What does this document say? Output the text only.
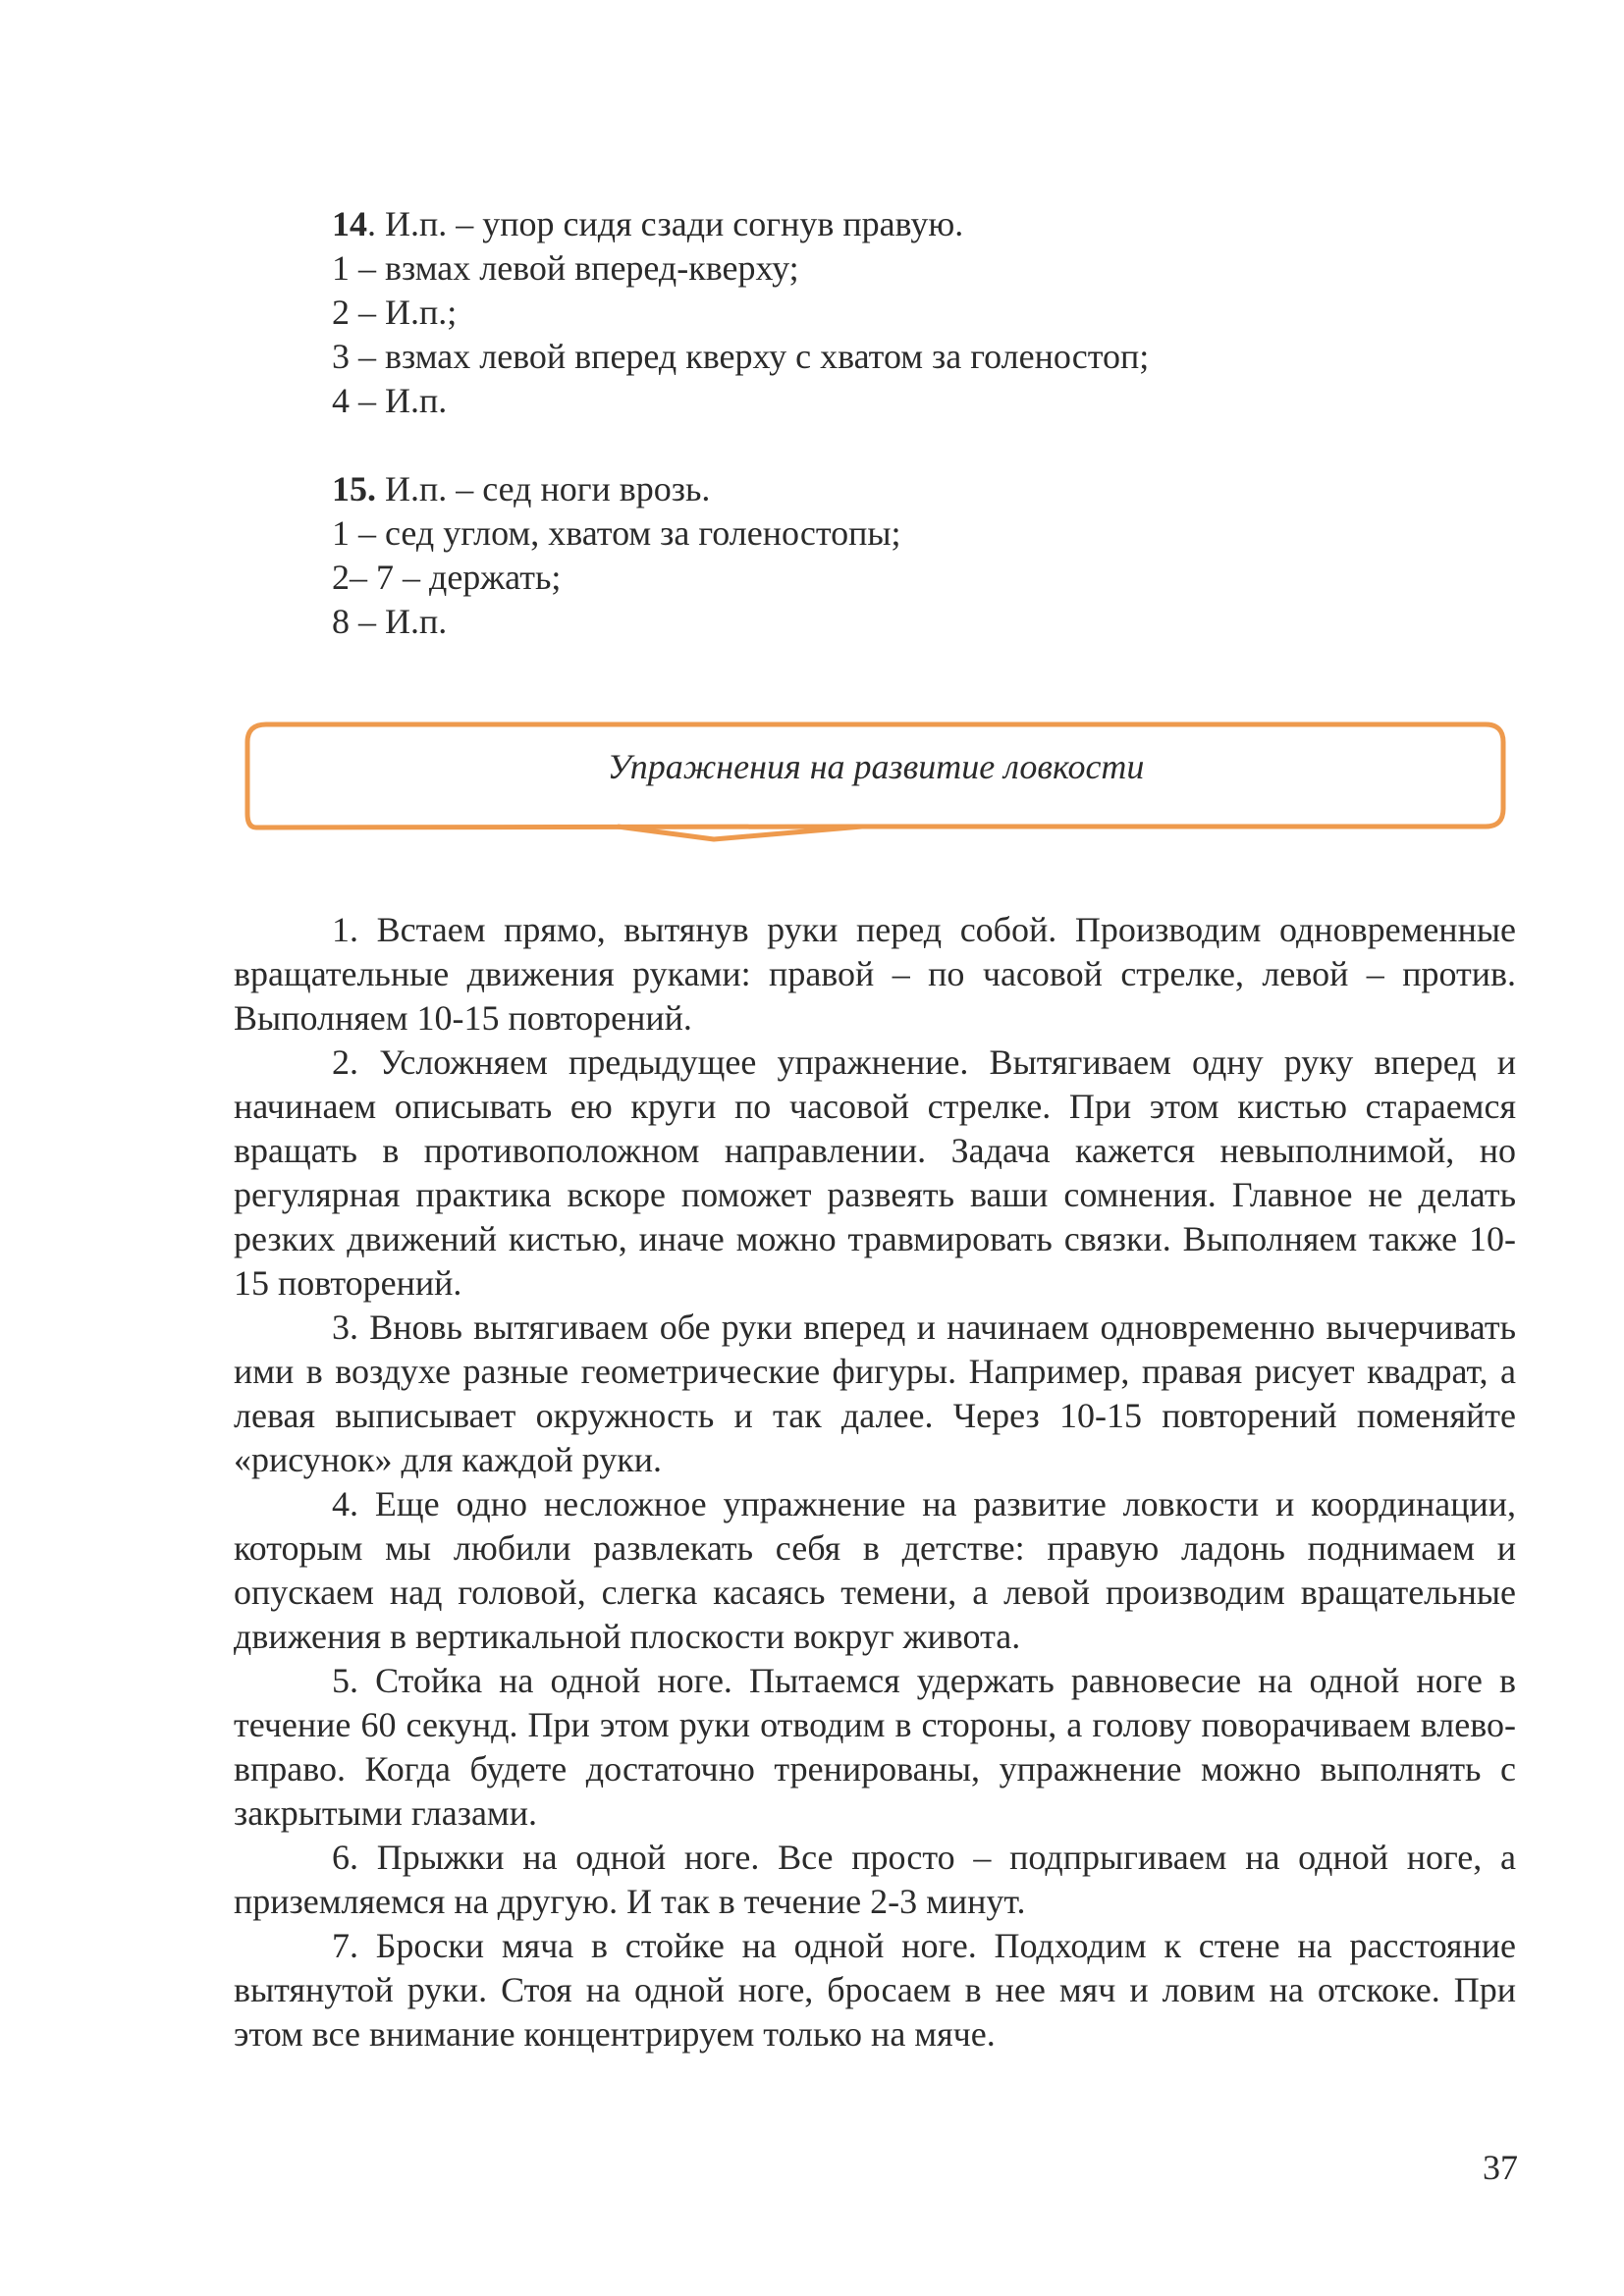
14. И.п. – упор сидя сзади согнув правую.
1 – взмах левой вперед-кверху;
2 – И.п.;
3 – взмах левой вперед кверху с хватом за голеностоп;
4 – И.п.
15. И.п. – сед ноги врозь.
1 – сед углом, хватом за голеностопы;
2– 7 – держать;
8 – И.п.
Упражнения на развитие ловкости

1. Встаем прямо, вытянув руки перед собой. Производим одновременные вращательные движения руками: правой – по часовой стрелке, левой – против. Выполняем 10-15 повторений.

2. Усложняем предыдущее упражнение. Вытягиваем одну руку вперед и начинаем описывать ею круги по часовой стрелке. При этом кистью стараемся вращать в противоположном направлении. Задача кажется невыполнимой, но регулярная практика вскоре поможет развеять ваши сомнения. Главное не делать резких движений кистью, иначе можно травмировать связки. Выполняем также 10-15 повторений.

3. Вновь вытягиваем обе руки вперед и начинаем одновременно вычерчивать ими в воздухе разные геометрические фигуры. Например, правая рисует квадрат, а левая выписывает окружность и так далее. Через 10-15 повторений поменяйте «рисунок» для каждой руки.

4. Еще одно несложное упражнение на развитие ловкости и координации, которым мы любили развлекать себя в детстве: правую ладонь поднимаем и опускаем над головой, слегка касаясь темени, а левой производим вращательные движения в вертикальной плоскости вокруг живота.

5. Стойка на одной ноге. Пытаемся удержать равновесие на одной ноге в течение 60 секунд. При этом руки отводим в стороны, а голову поворачиваем влево-вправо. Когда будете достаточно тренированы, упражнение можно выполнять с закрытыми глазами.

6. Прыжки на одной ноге. Все просто – подпрыгиваем на одной ноге, а приземляемся на другую. И так в течение 2-3 минут.

7. Броски мяча в стойке на одной ноге. Подходим к стене на расстояние вытянутой руки. Стоя на одной ноге, бросаем в нее мяч и ловим на отскоке. При этом все внимание концентрируем только на мяче.

37
